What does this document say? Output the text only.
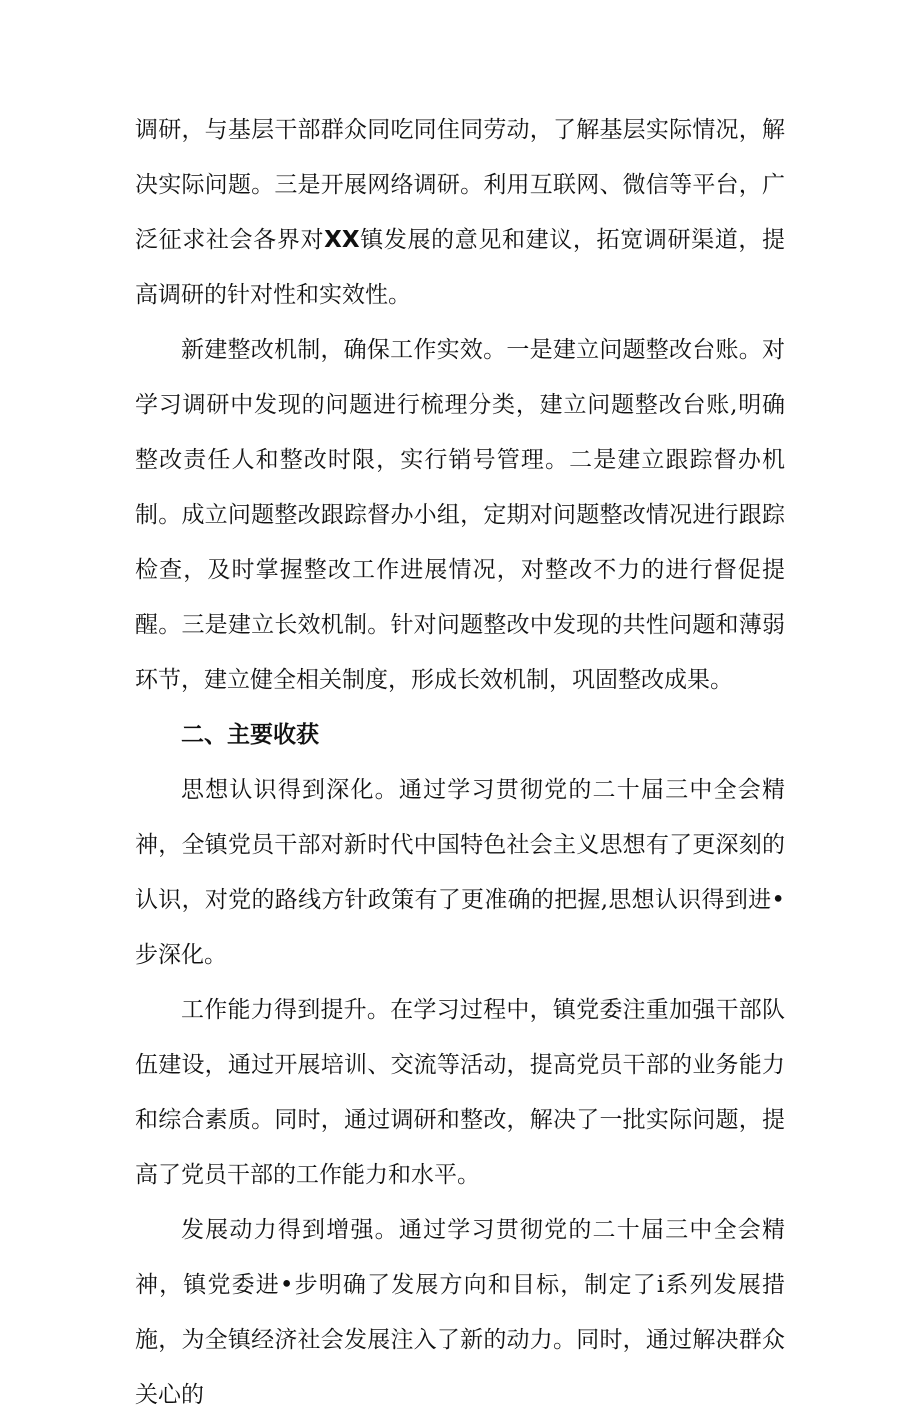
调研，与基层干部群众同吃同住同劳动，了解基层实际情况，解决实际问题。三是开展网络调研。利用互联网、微信等平台，广泛征求社会各界对XX镇发展的意见和建议，拓宽调研渠道，提高调研的针对性和实效性。

新建整改机制，确保工作实效。一是建立问题整改台账。对学习调研中发现的问题进行梳理分类，建立问题整改台账,明确整改责任人和整改时限，实行销号管理。二是建立跟踪督办机制。成立问题整改跟踪督办小组，定期对问题整改情况进行跟踪检查，及时掌握整改工作进展情况，对整改不力的进行督促提醒。三是建立长效机制。针对问题整改中发现的共性问题和薄弱环节，建立健全相关制度，形成长效机制，巩固整改成果。

二、主要收获

思想认识得到深化。通过学习贯彻党的二十届三中全会精神，全镇党员干部对新时代中国特色社会主义思想有了更深刻的认识，对党的路线方针政策有了更准确的把握,思想认识得到进•步深化。

工作能力得到提升。在学习过程中，镇党委注重加强干部队伍建设，通过开展培训、交流等活动，提高党员干部的业务能力和综合素质。同时，通过调研和整改，解决了一批实际问题，提高了党员干部的工作能力和水平。

发展动力得到增强。通过学习贯彻党的二十届三中全会精神，镇党委进•步明确了发展方向和目标，制定了i系列发展措施，为全镇经济社会发展注入了新的动力。同时，通过解决群众关心的
